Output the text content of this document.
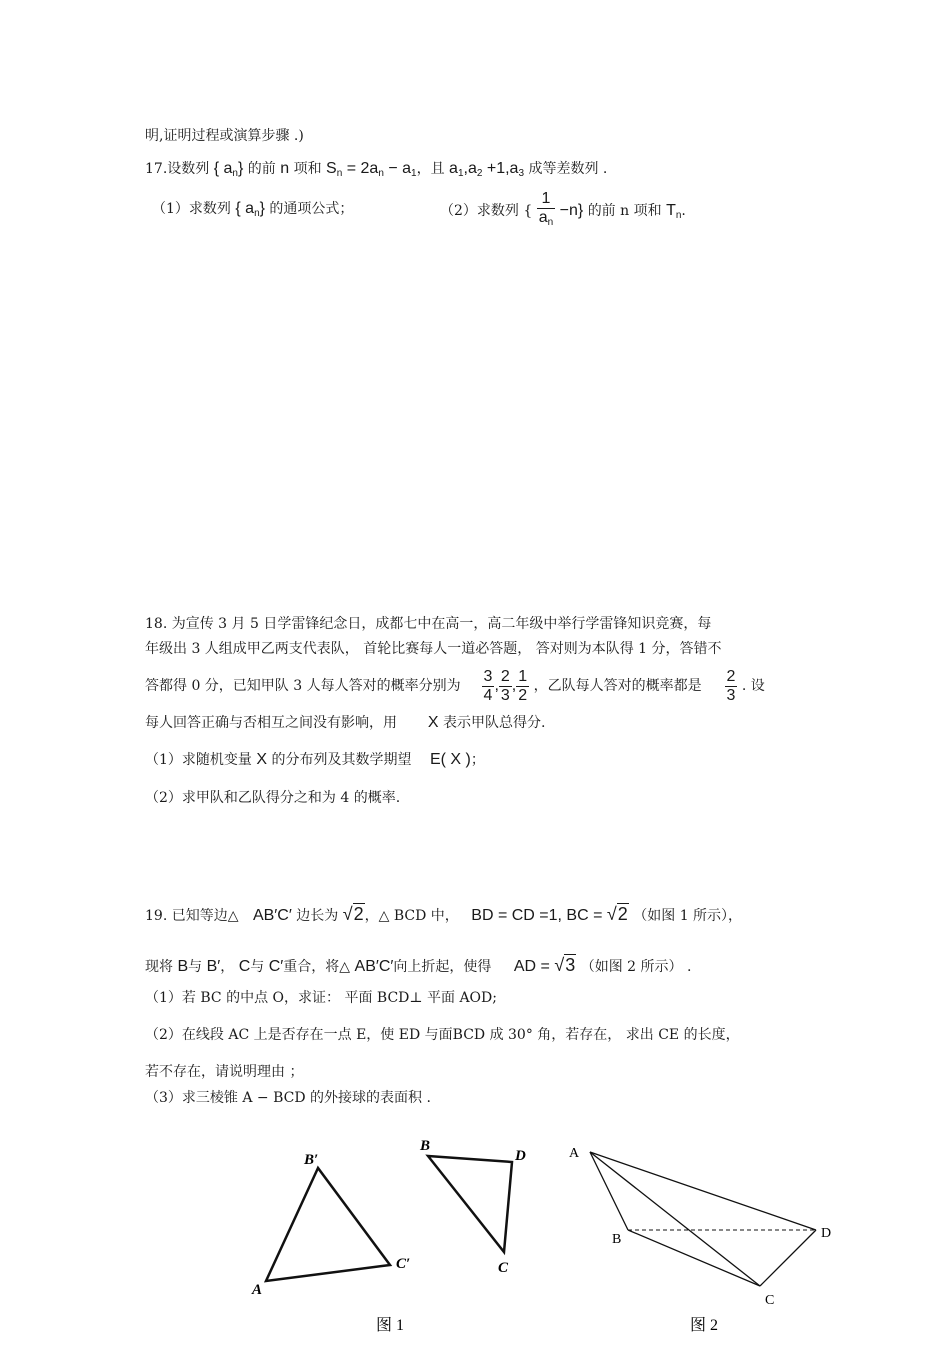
明,证明过程或演算步骤 .)
17.设数列 { $a_n$} 的前 n 项和 $S_n = 2a_n - a_1$，且 $a_1,a_2 +1,a_3$ 成等差数列 .
（1）求数列 { $a_n$} 的通项公式；	（2）求数列 { $\frac{1}{a_n} -n$} 的前 n 项和 $T_n$.
18. 为宣传 3 月 5 日学雷锋纪念日，成都七中在高一，高二年级中举行学雷锋知识竞赛，每
年级出 3 人组成甲乙两支代表队， 首轮比赛每人一道必答题， 答对则为本队得 1 分，答错不
答都得 0 分，已知甲队 3 人每人答对的概率分别为 $\frac{3}{4}$ , $\frac{2}{3}$ , $\frac{1}{2}$ ，乙队每人答对的概率都是 $\frac{2}{3}$ . 设
每人回答正确与否相互之间没有影响，用 X 表示甲队总得分.
（1）求随机变量 X 的分布列及其数学期望 E( X )；
（2）求甲队和乙队得分之和为 4 的概率.
19. 已知等边△ AB′C′ 边长为 √2，△ BCD 中， BD = CD =1, BC = √2 （如图 1 所示），
现将 B与 B′， C与 C′重合，将△ AB′C′向上折起，使得 AD = √3 （如图 2 所示） .
（1）若 BC 的中点 O，求证： 平面 BCD⊥ 平面 AOD;
（2）在线段 AC 上是否存在一点 E，使 ED 与面BCD 成 30° 角，若存在， 求出 CE 的长度，
若不存在，请说明理由 ；
（3）求三棱锥 A − BCD 的外接球的表面积 .
B′
A
C′
B
D
C
A
B	D
C
图 1	图 2
